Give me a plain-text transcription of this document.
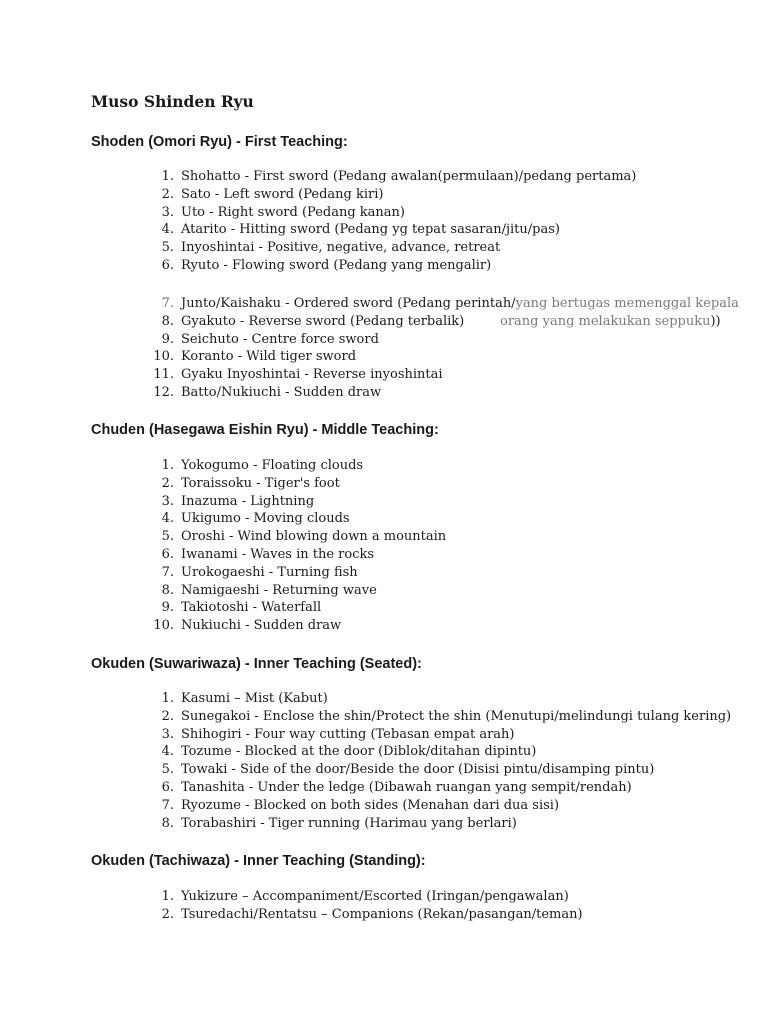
Muso Shinden Ryu
Shoden (Omori Ryu) - First Teaching:
1. Shohatto - First sword (Pedang awalan(permulaan)/pedang pertama)
2. Sato - Left sword (Pedang kiri)
3. Uto - Right sword (Pedang kanan)
4. Atarito - Hitting sword (Pedang yg tepat sasaran/jitu/pas)
5. Inyoshintai - Positive, negative, advance, retreat
6. Ryuto - Flowing sword (Pedang yang mengalir)
7. Junto/Kaishaku - Ordered sword (Pedang perintah/yang bertugas memenggal kepala
8. Gyakuto - Reverse sword (Pedang terbalik)	orang yang melakukan seppuku))
9. Seichuto - Centre force sword
10. Koranto - Wild tiger sword
11. Gyaku Inyoshintai - Reverse inyoshintai
12. Batto/Nukiuchi - Sudden draw
Chuden (Hasegawa Eishin Ryu) - Middle Teaching:
1. Yokogumo - Floating clouds
2. Toraissoku - Tiger's foot
3. Inazuma - Lightning
4. Ukigumo - Moving clouds
5. Oroshi - Wind blowing down a mountain
6. Iwanami - Waves in the rocks
7. Urokogaeshi - Turning fish
8. Namigaeshi - Returning wave
9. Takiotoshi - Waterfall
10. Nukiuchi - Sudden draw
Okuden (Suwariwaza) - Inner Teaching (Seated):
1. Kasumi – Mist (Kabut)
2. Sunegakoi - Enclose the shin/Protect the shin (Menutupi/melindungi tulang kering)
3. Shihogiri - Four way cutting (Tebasan empat arah)
4. Tozume - Blocked at the door (Diblok/ditahan dipintu)
5. Towaki - Side of the door/Beside the door (Disisi pintu/disamping pintu)
6. Tanashita - Under the ledge (Dibawah ruangan yang sempit/rendah)
7. Ryozume - Blocked on both sides (Menahan dari dua sisi)
8. Torabashiri - Tiger running (Harimau yang berlari)
Okuden (Tachiwaza) - Inner Teaching (Standing):
1. Yukizure – Accompaniment/Escorted (Iringan/pengawalan)
2. Tsuredachi/Rentatsu – Companions (Rekan/pasangan/teman)
